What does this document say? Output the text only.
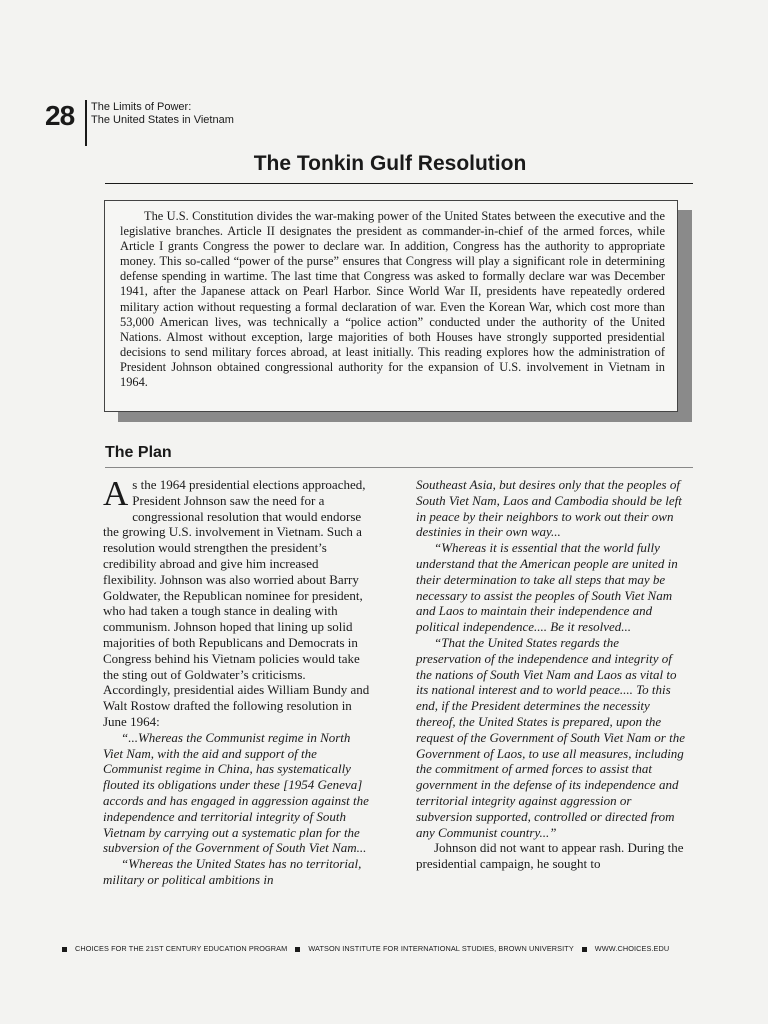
28 The Limits of Power:
The United States in Vietnam
The Tonkin Gulf Resolution

The U.S. Constitution divides the war-making power of the United States between the executive and the legislative branches. Article II designates the president as commander-in-chief of the armed forces, while Article I grants Congress the power to declare war. In addition, Congress has the authority to appropriate money. This so-called “power of the purse” ensures that Congress will play a significant role in determining defense spending in wartime. The last time that Congress was asked to formally declare war was December 1941, after the Japanese attack on Pearl Harbor. Since World War II, presidents have repeatedly ordered military action without requesting a formal declaration of war. Even the Korean War, which cost more than 53,000 American lives, was technically a “police action” conducted under the authority of the United Nations. Almost without exception, large majorities of both Houses have strongly supported presidential decisions to send military forces abroad, at least initially. This reading explores how the administration of President Johnson obtained congressional authority for the expansion of U.S. involvement in Vietnam in 1964.

The Plan

As the 1964 presidential elections approached, President Johnson saw the need for a congressional resolution that would endorse the growing U.S. involvement in Vietnam. Such a resolution would strengthen the president’s credibility abroad and give him increased flexibility. Johnson was also worried about Barry Goldwater, the Republican nominee for president, who had taken a tough stance in dealing with communism. Johnson hoped that lining up solid majorities of both Republicans and Democrats in Congress behind his Vietnam policies would take the sting out of Goldwater’s criticisms. Accordingly, presidential aides William Bundy and Walt Rostow drafted the following resolution in June 1964:

“...Whereas the Communist regime in North Viet Nam, with the aid and support of the Communist regime in China, has systematically flouted its obligations under these [1954 Geneva] accords and has engaged in aggression against the independence and territorial integrity of South Vietnam by carrying out a systematic plan for the subversion of the Government of South Viet Nam...

“Whereas the United States has no territorial, military or political ambitions in

Southeast Asia, but desires only that the peoples of South Viet Nam, Laos and Cambodia should be left in peace by their neighbors to work out their own destinies in their own way...

“Whereas it is essential that the world fully understand that the American people are united in their determination to take all steps that may be necessary to assist the peoples of South Viet Nam and Laos to maintain their independence and political independence.... Be it resolved...

“That the United States regards the preservation of the independence and integrity of the nations of South Viet Nam and Laos as vital to its national interest and to world peace.... To this end, if the President determines the necessity thereof, the United States is prepared, upon the request of the Government of South Viet Nam or the Government of Laos, to use all measures, including the commitment of armed forces to assist that government in the defense of its independence and territorial integrity against aggression or subversion supported, controlled or directed from any Communist country...”

Johnson did not want to appear rash. During the presidential campaign, he sought to

CHOICES FOR THE 21ST CENTURY EDUCATION PROGRAM	WATSON INSTITUTE FOR INTERNATIONAL STUDIES, BROWN UNIVERSITY	WWW.CHOICES.EDU
